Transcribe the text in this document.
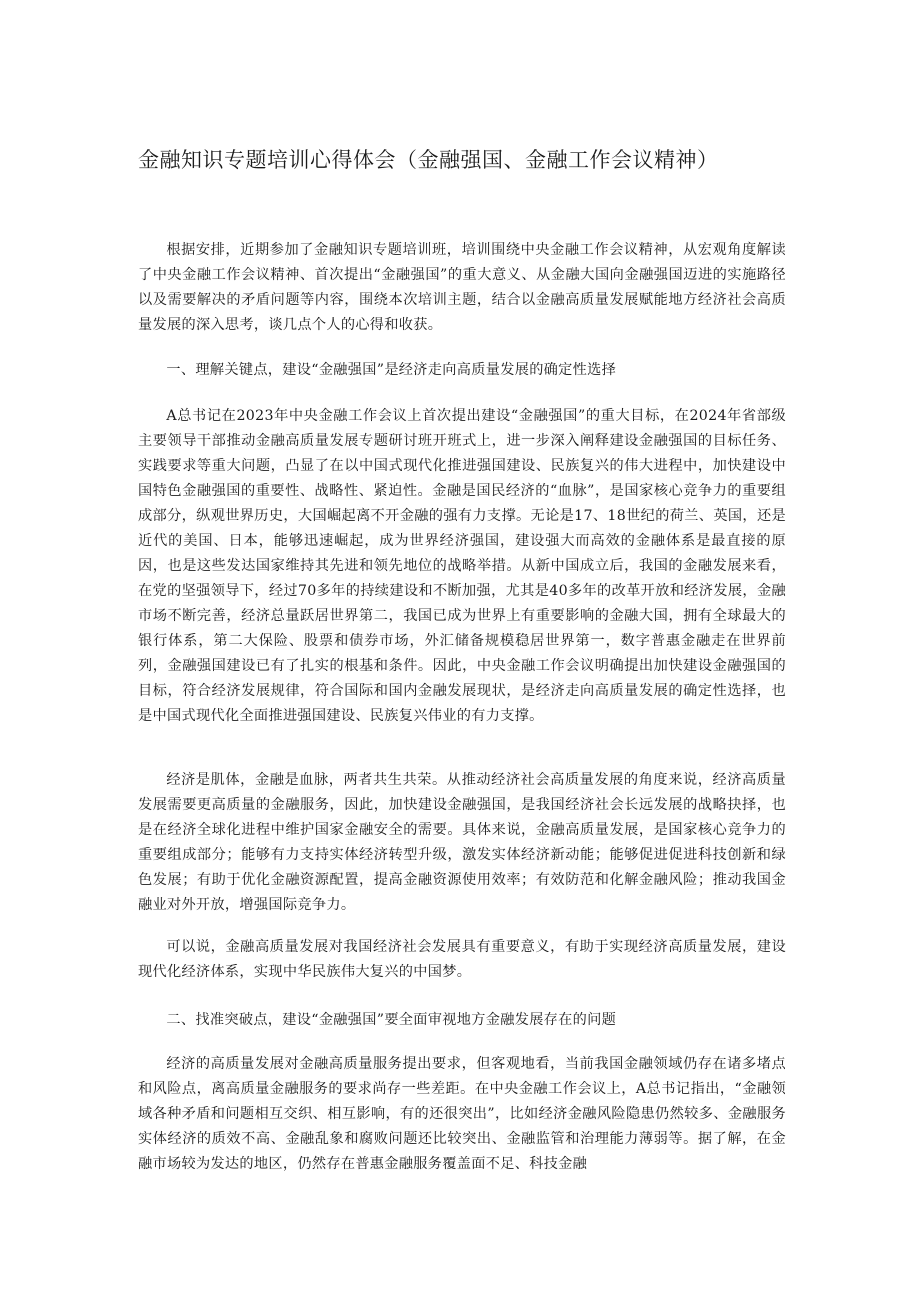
金融知识专题培训心得体会（金融强国、金融工作会议精神）

根据安排，近期参加了金融知识专题培训班，培训围绕中央金融工作会议精神，从宏观角度解读了中央金融工作会议精神、首次提出“金融强国”的重大意义、从金融大国向金融强国迈进的实施路径以及需要解决的矛盾问题等内容，围绕本次培训主题，结合以金融高质量发展赋能地方经济社会高质量发展的深入思考，谈几点个人的心得和收获。

一、理解关键点，建设“金融强国”是经济走向高质量发展的确定性选择

A总书记在2023年中央金融工作会议上首次提出建设“金融强国”的重大目标，在2024年省部级主要领导干部推动金融高质量发展专题研讨班开班式上，进一步深入阐释建设金融强国的目标任务、实践要求等重大问题，凸显了在以中国式现代化推进强国建设、民族复兴的伟大进程中，加快建设中国特色金融强国的重要性、战略性、紧迫性。金融是国民经济的“血脉”，是国家核心竞争力的重要组成部分，纵观世界历史，大国崛起离不开金融的强有力支撑。无论是17、18世纪的荷兰、英国，还是近代的美国、日本，能够迅速崛起，成为世界经济强国，建设强大而高效的金融体系是最直接的原因，也是这些发达国家维持其先进和领先地位的战略举措。从新中国成立后，我国的金融发展来看，在党的坚强领导下，经过70多年的持续建设和不断加强，尤其是40多年的改革开放和经济发展，金融市场不断完善，经济总量跃居世界第二，我国已成为世界上有重要影响的金融大国，拥有全球最大的银行体系，第二大保险、股票和债券市场，外汇储备规模稳居世界第一，数字普惠金融走在世界前列，金融强国建设已有了扎实的根基和条件。因此，中央金融工作会议明确提出加快建设金融强国的目标，符合经济发展规律，符合国际和国内金融发展现状，是经济走向高质量发展的确定性选择，也是中国式现代化全面推进强国建设、民族复兴伟业的有力支撑。

经济是肌体，金融是血脉，两者共生共荣。从推动经济社会高质量发展的角度来说，经济高质量发展需要更高质量的金融服务，因此，加快建设金融强国，是我国经济社会长远发展的战略抉择，也是在经济全球化进程中维护国家金融安全的需要。具体来说，金融高质量发展，是国家核心竞争力的重要组成部分；能够有力支持实体经济转型升级，激发实体经济新动能；能够促进促进科技创新和绿色发展；有助于优化金融资源配置，提高金融资源使用效率；有效防范和化解金融风险；推动我国金融业对外开放，增强国际竞争力。

可以说，金融高质量发展对我国经济社会发展具有重要意义，有助于实现经济高质量发展，建设现代化经济体系，实现中华民族伟大复兴的中国梦。

二、找准突破点，建设“金融强国”要全面审视地方金融发展存在的问题

经济的高质量发展对金融高质量服务提出要求，但客观地看，当前我国金融领域仍存在诸多堵点和风险点，离高质量金融服务的要求尚存一些差距。在中央金融工作会议上，A总书记指出，“金融领域各种矛盾和问题相互交织、相互影响，有的还很突出”，比如经济金融风险隐患仍然较多、金融服务实体经济的质效不高、金融乱象和腐败问题还比较突出、金融监管和治理能力薄弱等。据了解，在金融市场较为发达的地区，仍然存在普惠金融服务覆盖面不足、科技金融
